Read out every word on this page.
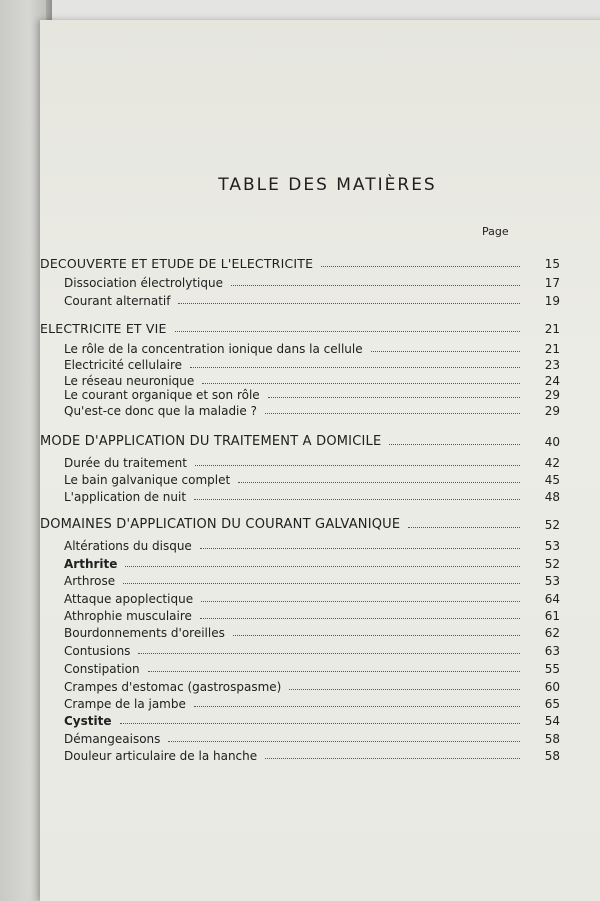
TABLE DES MATIÈRES
Page
DECOUVERTE ET ETUDE DE L'ELECTRICITE	15
Dissociation électrolytique	17
Courant alternatif	19
ELECTRICITE ET VIE	21
Le rôle de la concentration ionique dans la cellule	21
Electricité cellulaire	23
Le réseau neuronique	24
Le courant organique et son rôle	29
Qu'est-ce donc que la maladie ?	29
MODE D'APPLICATION DU TRAITEMENT A DOMICILE	40
Durée du traitement	42
Le bain galvanique complet	45
L'application de nuit	48
DOMAINES D'APPLICATION DU COURANT GALVANIQUE	52
Altérations du disque	53
Arthrite	52
Arthrose	53
Attaque apoplectique	64
Athrophie musculaire	61
Bourdonnements d'oreilles	62
Contusions	63
Constipation	55
Crampes d'estomac (gastrospasme)	60
Crampe de la jambe	65
Cystite	54
Démangeaisons	58
Douleur articulaire de la hanche	58
